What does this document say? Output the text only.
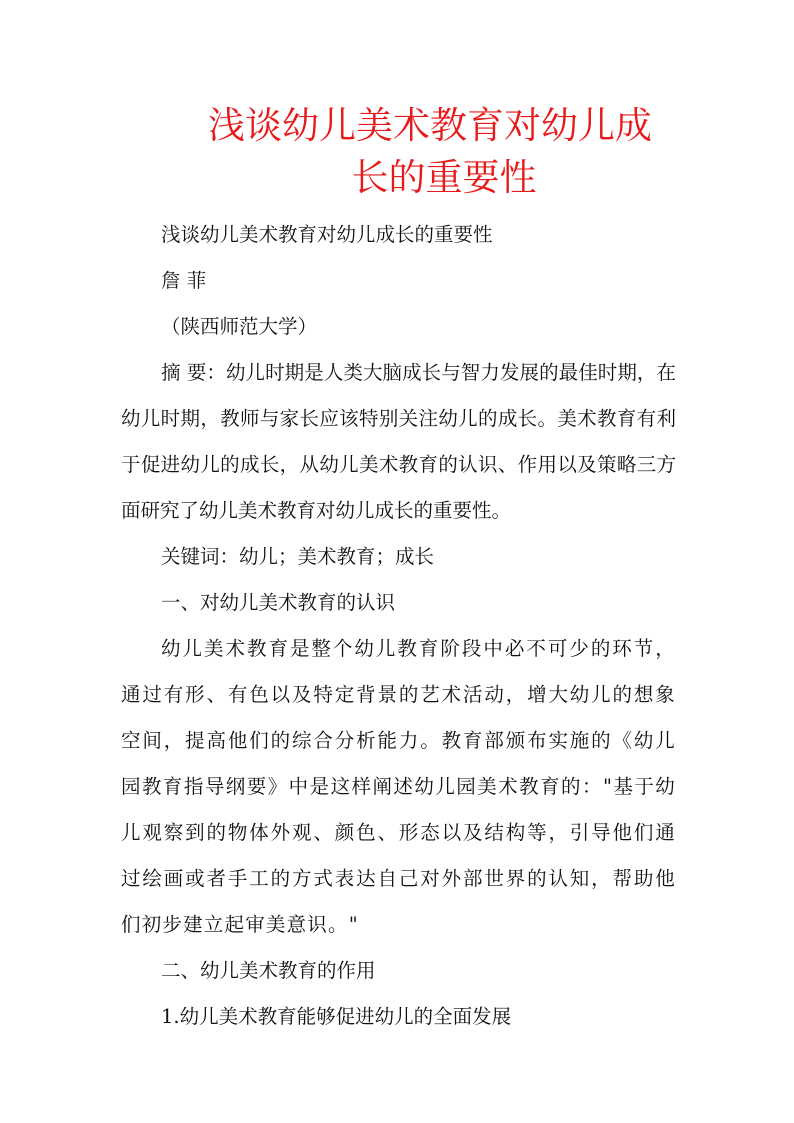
浅谈幼儿美术教育对幼儿成
长的重要性

浅谈幼儿美术教育对幼儿成长的重要性

詹 菲

（陕西师范大学）

摘 要：幼儿时期是人类大脑成长与智力发展的最佳时期，在幼儿时期，教师与家长应该特别关注幼儿的成长。美术教育有利于促进幼儿的成长，从幼儿美术教育的认识、作用以及策略三方面研究了幼儿美术教育对幼儿成长的重要性。

关键词：幼儿；美术教育；成长

一、对幼儿美术教育的认识

幼儿美术教育是整个幼儿教育阶段中必不可少的环节，通过有形、有色以及特定背景的艺术活动，增大幼儿的想象空间，提高他们的综合分析能力。教育部颁布实施的《幼儿园教育指导纲要》中是这样阐述幼儿园美术教育的："基于幼儿观察到的物体外观、颜色、形态以及结构等，引导他们通过绘画或者手工的方式表达自己对外部世界的认知，帮助他们初步建立起审美意识。"

二、幼儿美术教育的作用

1.幼儿美术教育能够促进幼儿的全面发展
